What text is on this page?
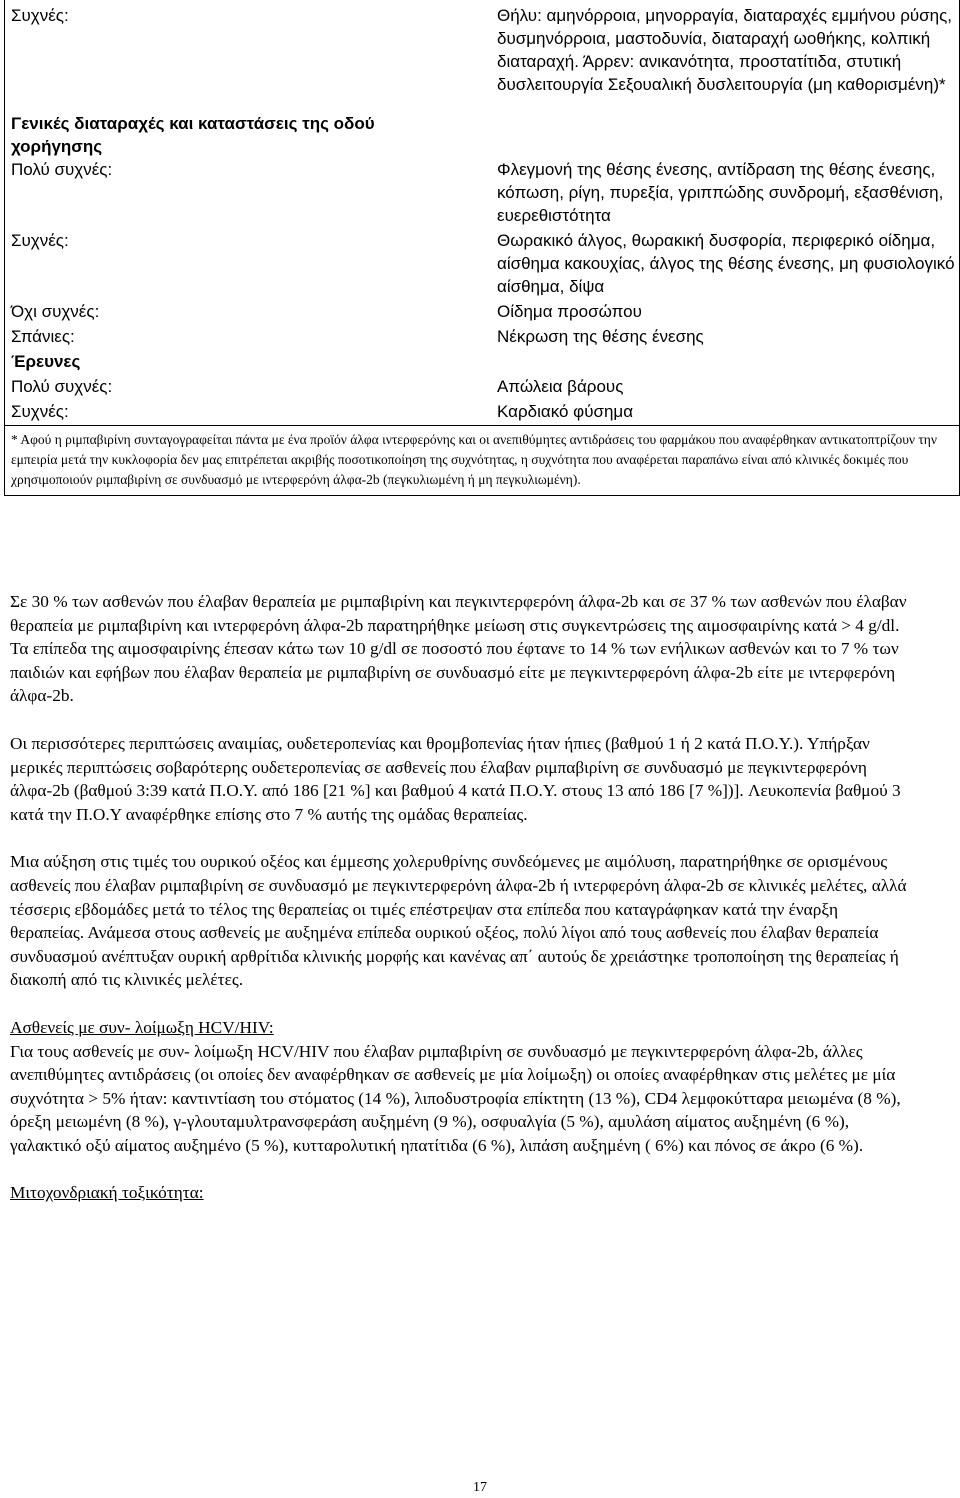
Συχνές:	Θήλυ: αμηνόρροια, μηνορραγία, διαταραχές εμμήνου ρύσης, δυσμηνόρροια, μαστοδυνία, διαταραχή ωοθήκης, κολπική διαταραχή. Άρρεν: ανικανότητα, προστατίτιδα, στυτική δυσλειτουργία Σεξουαλική δυσλειτουργία (μη καθορισμένη)*
Γενικές διαταραχές και καταστάσεις της οδού χορήγησης	
Πολύ συχνές:	Φλεγμονή της θέσης ένεσης, αντίδραση της θέσης ένεσης, κόπωση, ρίγη, πυρεξία, γριππώδης συνδρομή, εξασθένιση, ευερεθιστότητα
Συχνές:	Θωρακικό άλγος, θωρακική δυσφορία, περιφερικό οίδημα, αίσθημα κακουχίας, άλγος της θέσης ένεσης, μη φυσιολογικό αίσθημα, δίψα
Όχι συχνές:	Οίδημα προσώπου
Σπάνιες:	Νέκρωση της θέσης ένεσης
Έρευνες	
Πολύ συχνές:	Απώλεια βάρους
Συχνές:	Καρδιακό φύσημα
* Αφού η ριμπαβιρίνη συνταγογραφείται πάντα με ένα προϊόν άλφα ιντερφερόνης και οι ανεπιθύμητες αντιδράσεις του φαρμάκου που αναφέρθηκαν αντικατοπτρίζουν την εμπειρία μετά την κυκλοφορία δεν μας επιτρέπεται ακριβής ποσοτικοποίηση της συχνότητας, η συχνότητα που αναφέρεται παραπάνω είναι από κλινικές δοκιμές που χρησιμοποιούν ριμπαβιρίνη σε συνδυασμό με ιντερφερόνη άλφα-2b (πεγκυλιωμένη ή μη πεγκυλιωμένη).

Σε 30 % των ασθενών που έλαβαν θεραπεία με ριμπαβιρίνη και πεγκιντερφερόνη άλφα-2b και σε 37 % των ασθενών που έλαβαν θεραπεία με ριμπαβιρίνη και ιντερφερόνη άλφα-2b παρατηρήθηκε μείωση στις συγκεντρώσεις της αιμοσφαιρίνης κατά > 4 g/dl. Τα επίπεδα της αιμοσφαιρίνης έπεσαν κάτω των 10 g/dl σε ποσοστό που έφτανε το 14 % των ενήλικων ασθενών και το 7 % των παιδιών και εφήβων που έλαβαν θεραπεία με ριμπαβιρίνη σε συνδυασμό είτε με πεγκιντερφερόνη άλφα-2b είτε με ιντερφερόνη άλφα-2b.

Οι περισσότερες περιπτώσεις αναιμίας, ουδετεροπενίας και θρομβοπενίας ήταν ήπιες (βαθμού 1 ή 2 κατά Π.Ο.Υ.). Υπήρξαν μερικές περιπτώσεις σοβαρότερης ουδετεροπενίας σε ασθενείς που έλαβαν ριμπαβιρίνη σε συνδυασμό με πεγκιντερφερόνη άλφα-2b (βαθμού 3:39 κατά Π.Ο.Υ. από 186 [21 %] και βαθμού 4 κατά Π.Ο.Υ. στους 13 από 186 [7 %])]. Λευκοπενία βαθμού 3 κατά την Π.Ο.Υ αναφέρθηκε επίσης στο 7 % αυτής της ομάδας θεραπείας.

Μια αύξηση στις τιμές του ουρικού οξέος και έμμεσης χολερυθρίνης συνδεόμενες με αιμόλυση, παρατηρήθηκε σε ορισμένους ασθενείς που έλαβαν ριμπαβιρίνη σε συνδυασμό με πεγκιντερφερόνη άλφα-2b ή ιντερφερόνη άλφα-2b σε κλινικές μελέτες, αλλά τέσσερις εβδομάδες μετά το τέλος της θεραπείας οι τιμές επέστρεψαν στα επίπεδα που καταγράφηκαν κατά την έναρξη θεραπείας. Ανάμεσα στους ασθενείς με αυξημένα επίπεδα ουρικού οξέος, πολύ λίγοι από τους ασθενείς που έλαβαν θεραπεία συνδυασμού ανέπτυξαν ουρική αρθρίτιδα κλινικής μορφής και κανένας απ΄ αυτούς δε χρειάστηκε τροποποίηση της θεραπείας ή διακοπή από τις κλινικές μελέτες.

Ασθενείς με συν- λοίμωξη HCV/HIV:
Για τους ασθενείς με συν- λοίμωξη HCV/HIV που έλαβαν ριμπαβιρίνη σε συνδυασμό με πεγκιντερφερόνη άλφα-2b, άλλες ανεπιθύμητες αντιδράσεις (οι οποίες δεν αναφέρθηκαν σε ασθενείς με μία λοίμωξη) οι οποίες αναφέρθηκαν στις μελέτες με μία συχνότητα > 5% ήταν: καντιντίαση του στόματος (14 %), λιποδυστροφία επίκτητη (13 %), CD4 λεμφοκύτταρα μειωμένα (8 %), όρεξη μειωμένη (8 %), γ-γλουταμυλτρανσφεράση αυξημένη (9 %), οσφυαλγία (5 %), αμυλάση αίματος αυξημένη (6 %), γαλακτικό οξύ αίματος αυξημένο (5 %), κυτταρολυτική ηπατίτιδα (6 %), λιπάση αυξημένη ( 6%) και πόνος σε άκρο (6 %).

Μιτοχονδριακή τοξικότητα:

17
